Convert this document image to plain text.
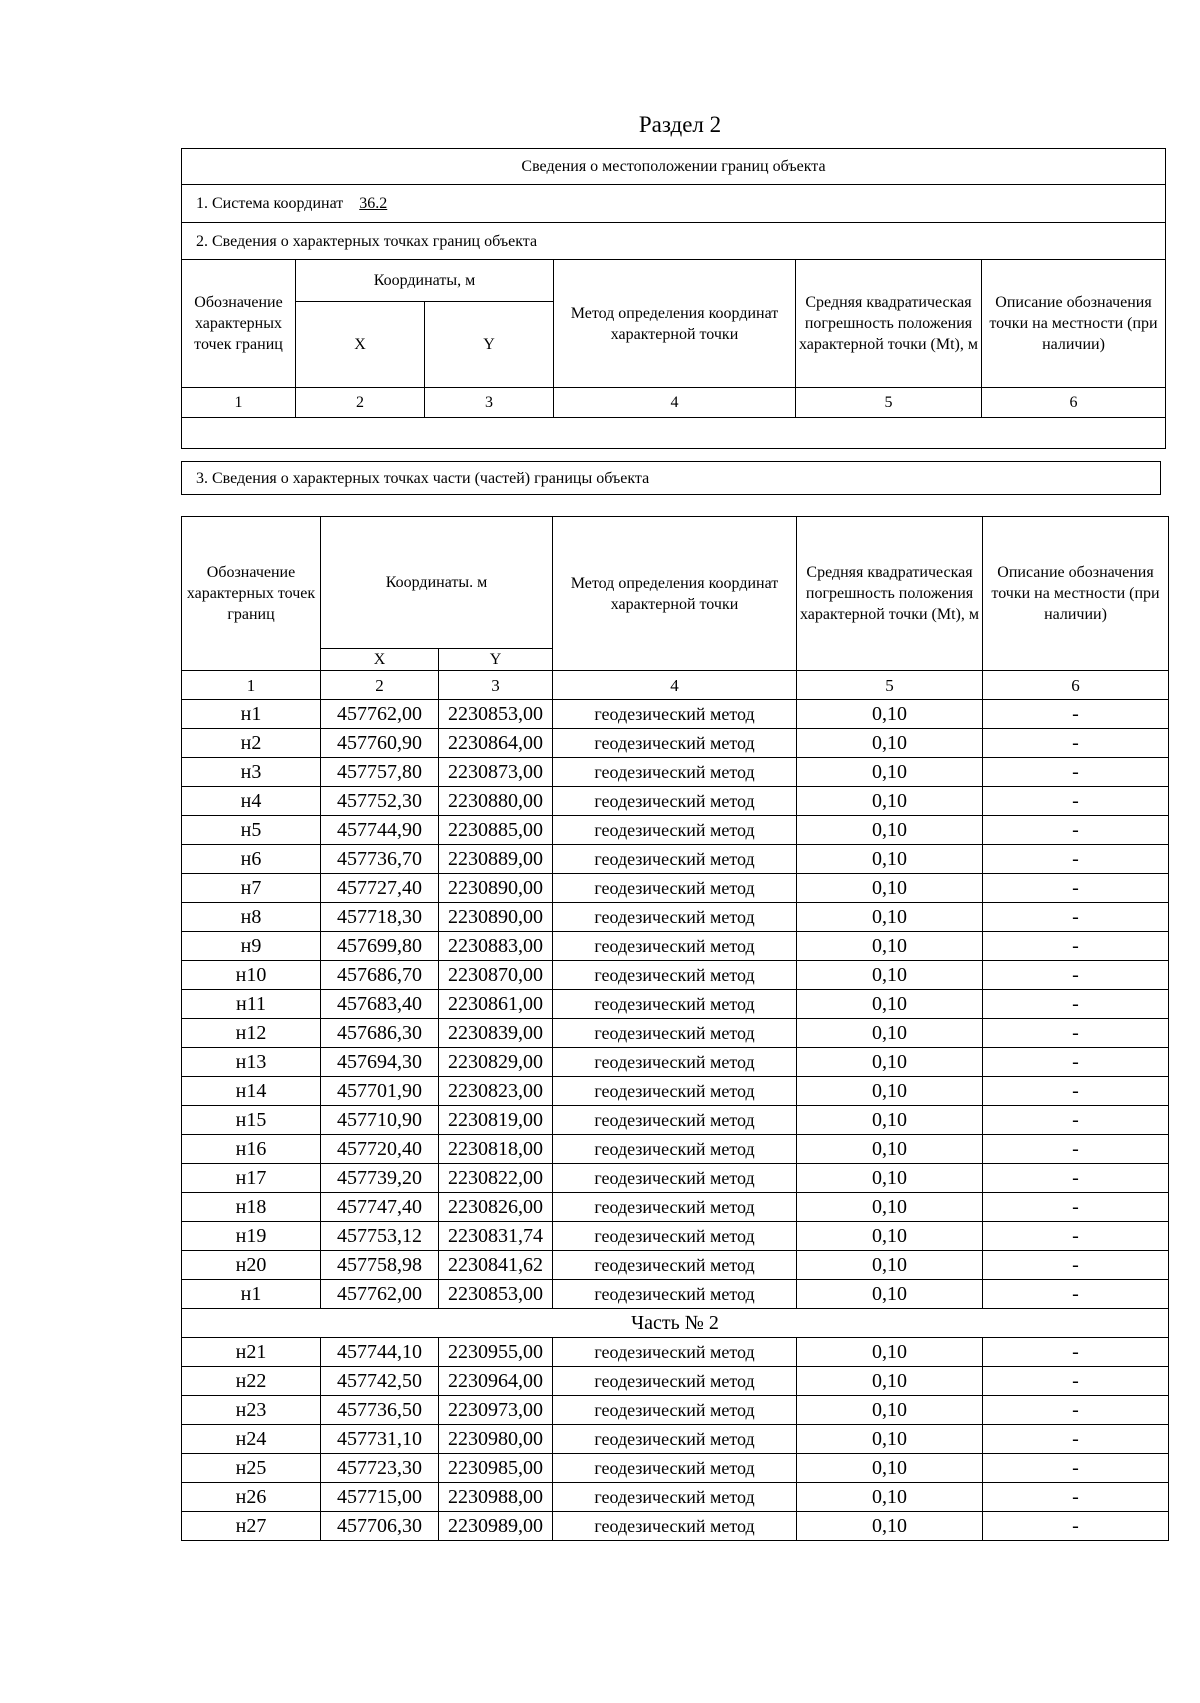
Раздел 2
Сведения о местоположении границ объекта					
1. Система координат 36.2					
2. Сведения о характерных точках границ объекта					
Обозначение характерных точек границ	Координаты, м		Метод определения координат характерной точки	Средняя квадратическая погрешность положения характерной точки (Mt), м	Описание обозначения точки на местности (при наличии)
	X	Y			
1	2	3	4	5	6

3. Сведения о характерных точках части (частей) границы объекта
Обозначение характерных точек границ	Координаты. м		Метод определения координат характерной точки	Средняя квадратическая погрешность положения характерной точки (Mt), м	Описание обозначения точки на местности (при наличии)
	X	Y			
1	2	3	4	5	6
н1	457762,00	2230853,00	геодезический метод	0,10	-
н2	457760,90	2230864,00	геодезический метод	0,10	-
н3	457757,80	2230873,00	геодезический метод	0,10	-
н4	457752,30	2230880,00	геодезический метод	0,10	-
н5	457744,90	2230885,00	геодезический метод	0,10	-
н6	457736,70	2230889,00	геодезический метод	0,10	-
н7	457727,40	2230890,00	геодезический метод	0,10	-
н8	457718,30	2230890,00	геодезический метод	0,10	-
н9	457699,80	2230883,00	геодезический метод	0,10	-
н10	457686,70	2230870,00	геодезический метод	0,10	-
н11	457683,40	2230861,00	геодезический метод	0,10	-
н12	457686,30	2230839,00	геодезический метод	0,10	-
н13	457694,30	2230829,00	геодезический метод	0,10	-
н14	457701,90	2230823,00	геодезический метод	0,10	-
н15	457710,90	2230819,00	геодезический метод	0,10	-
н16	457720,40	2230818,00	геодезический метод	0,10	-
н17	457739,20	2230822,00	геодезический метод	0,10	-
н18	457747,40	2230826,00	геодезический метод	0,10	-
н19	457753,12	2230831,74	геодезический метод	0,10	-
н20	457758,98	2230841,62	геодезический метод	0,10	-
н1	457762,00	2230853,00	геодезический метод	0,10	-
Часть № 2					
н21	457744,10	2230955,00	геодезический метод	0,10	-
н22	457742,50	2230964,00	геодезический метод	0,10	-
н23	457736,50	2230973,00	геодезический метод	0,10	-
н24	457731,10	2230980,00	геодезический метод	0,10	-
н25	457723,30	2230985,00	геодезический метод	0,10	-
н26	457715,00	2230988,00	геодезический метод	0,10	-
н27	457706,30	2230989,00	геодезический метод	0,10	-
